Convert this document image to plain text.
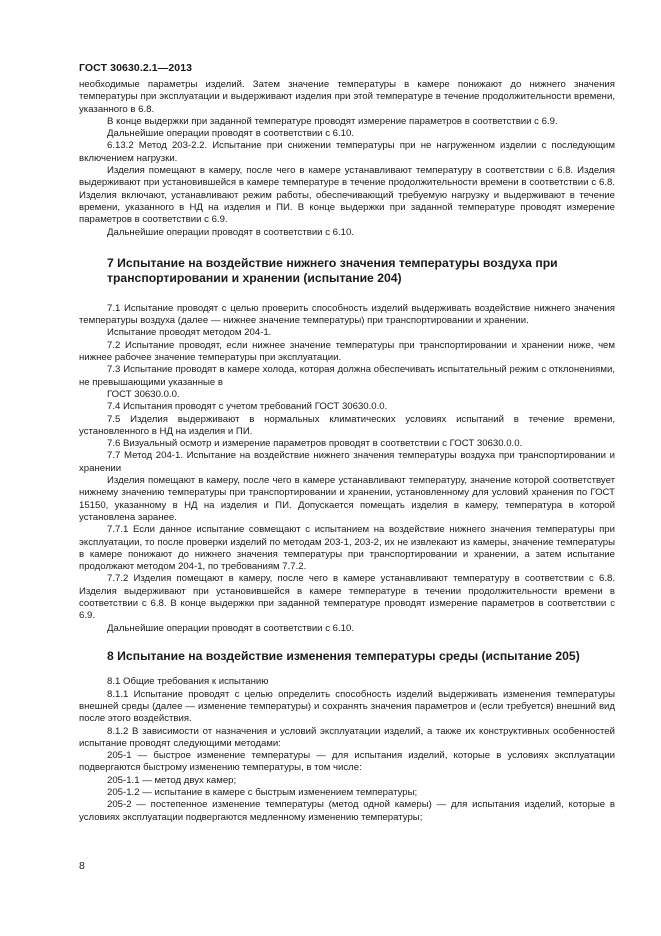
ГОСТ 30630.2.1—2013

необходимые параметры изделий. Затем значение температуры в камере понижают до нижнего значения температуры при эксплуатации и выдерживают изделия при этой температуре в течение продолжительности времени, указанного в 6.8.

В конце выдержки при заданной температуре проводят измерение параметров в соответствии с 6.9.

Дальнейшие операции проводят в соответствии с 6.10.

6.13.2 Метод 203-2.2. Испытание при снижении температуры при не нагруженном изделии с последующим включением нагрузки.

Изделия помещают в камеру, после чего в камере устанавливают температуру в соответствии с 6.8. Изделия выдерживают при установившейся в камере температуре в течение продолжительности времени в соответствии с 6.8. Изделия включают, устанавливают режим работы, обеспечивающий требуемую нагрузку и выдерживают в течение времени, указанного в НД на изделия и ПИ. В конце выдержки при заданной температуре проводят измерение параметров в соответствии с 6.9.

Дальнейшие операции проводят в соответствии с 6.10.

7 Испытание на воздействие нижнего значения температуры воздуха при транспортировании и хранении (испытание 204)

7.1 Испытание проводят с целью проверить способность изделий выдерживать воздействие нижнего значения температуры воздуха (далее — нижнее значение температуры) при транспортировании и хранении.

Испытание проводят методом 204-1.

7.2 Испытание проводят, если нижнее значение температуры при транспортировании и хранении ниже, чем нижнее рабочее значение температуры при эксплуатации.

7.3 Испытание проводят в камере холода, которая должна обеспечивать испытательный режим с отклонениями, не превышающими указанные в

ГОСТ 30630.0.0.

7.4 Испытания проводят с учетом требований ГОСТ 30630.0.0.

7.5 Изделия выдерживают в нормальных климатических условиях испытаний в течение времени, установленного в НД на изделия и ПИ.

7.6 Визуальный осмотр и измерение параметров проводят в соответствии с ГОСТ 30630.0.0.

7.7 Метод 204-1. Испытание на воздействие нижнего значения температуры воздуха при транспортировании и хранении

Изделия помещают в камеру, после чего в камере устанавливают температуру, значение которой соответствует нижнему значению температуры при транспортировании и хранении, установленному для условий хранения по ГОСТ 15150, указанному в НД на изделия и ПИ. Допускается помещать изделия в камеру, температура в которой установлена заранее.

7.7.1 Если данное испытание совмещают с испытанием на воздействие нижнего значения температуры при эксплуатации, то после проверки изделий по методам 203-1, 203-2, их не извлекают из камеры, значение температуры в камере понижают до нижнего значения температуры при транспортировании и хранении, а затем испытание продолжают методом 204-1, по требованиям 7.7.2.

7.7.2 Изделия помещают в камеру, после чего в камере устанавливают температуру в соответствии с 6.8. Изделия выдерживают при установившейся в камере температуре в течении продолжительности времени в соответствии с 6.8. В конце выдержки при заданной температуре проводят измерение параметров в соответствии с 6.9.

Дальнейшие операции проводят в соответствии с 6.10.

8 Испытание на воздействие изменения температуры среды (испытание 205)

8.1 Общие требования к испытанию

8.1.1 Испытание проводят с целью определить способность изделий выдерживать изменения температуры внешней среды (далее — изменение температуры) и сохранять значения параметров и (если требуется) внешний вид после этого воздействия.

8.1.2 В зависимости от назначения и условий эксплуатации изделий, а также их конструктивных особенностей испытание проводят следующими методами:

205-1 — быстрое изменение температуры — для испытания изделий, которые в условиях эксплуатации подвергаются быстрому изменению температуры, в том числе:

205-1.1 — метод двух камер;

205-1.2 — испытание в камере с быстрым изменением температуры;

205-2 — постепенное изменение температуры (метод одной камеры) — для испытания изделий, которые в условиях эксплуатации подвергаются медленному изменению температуры;

8
